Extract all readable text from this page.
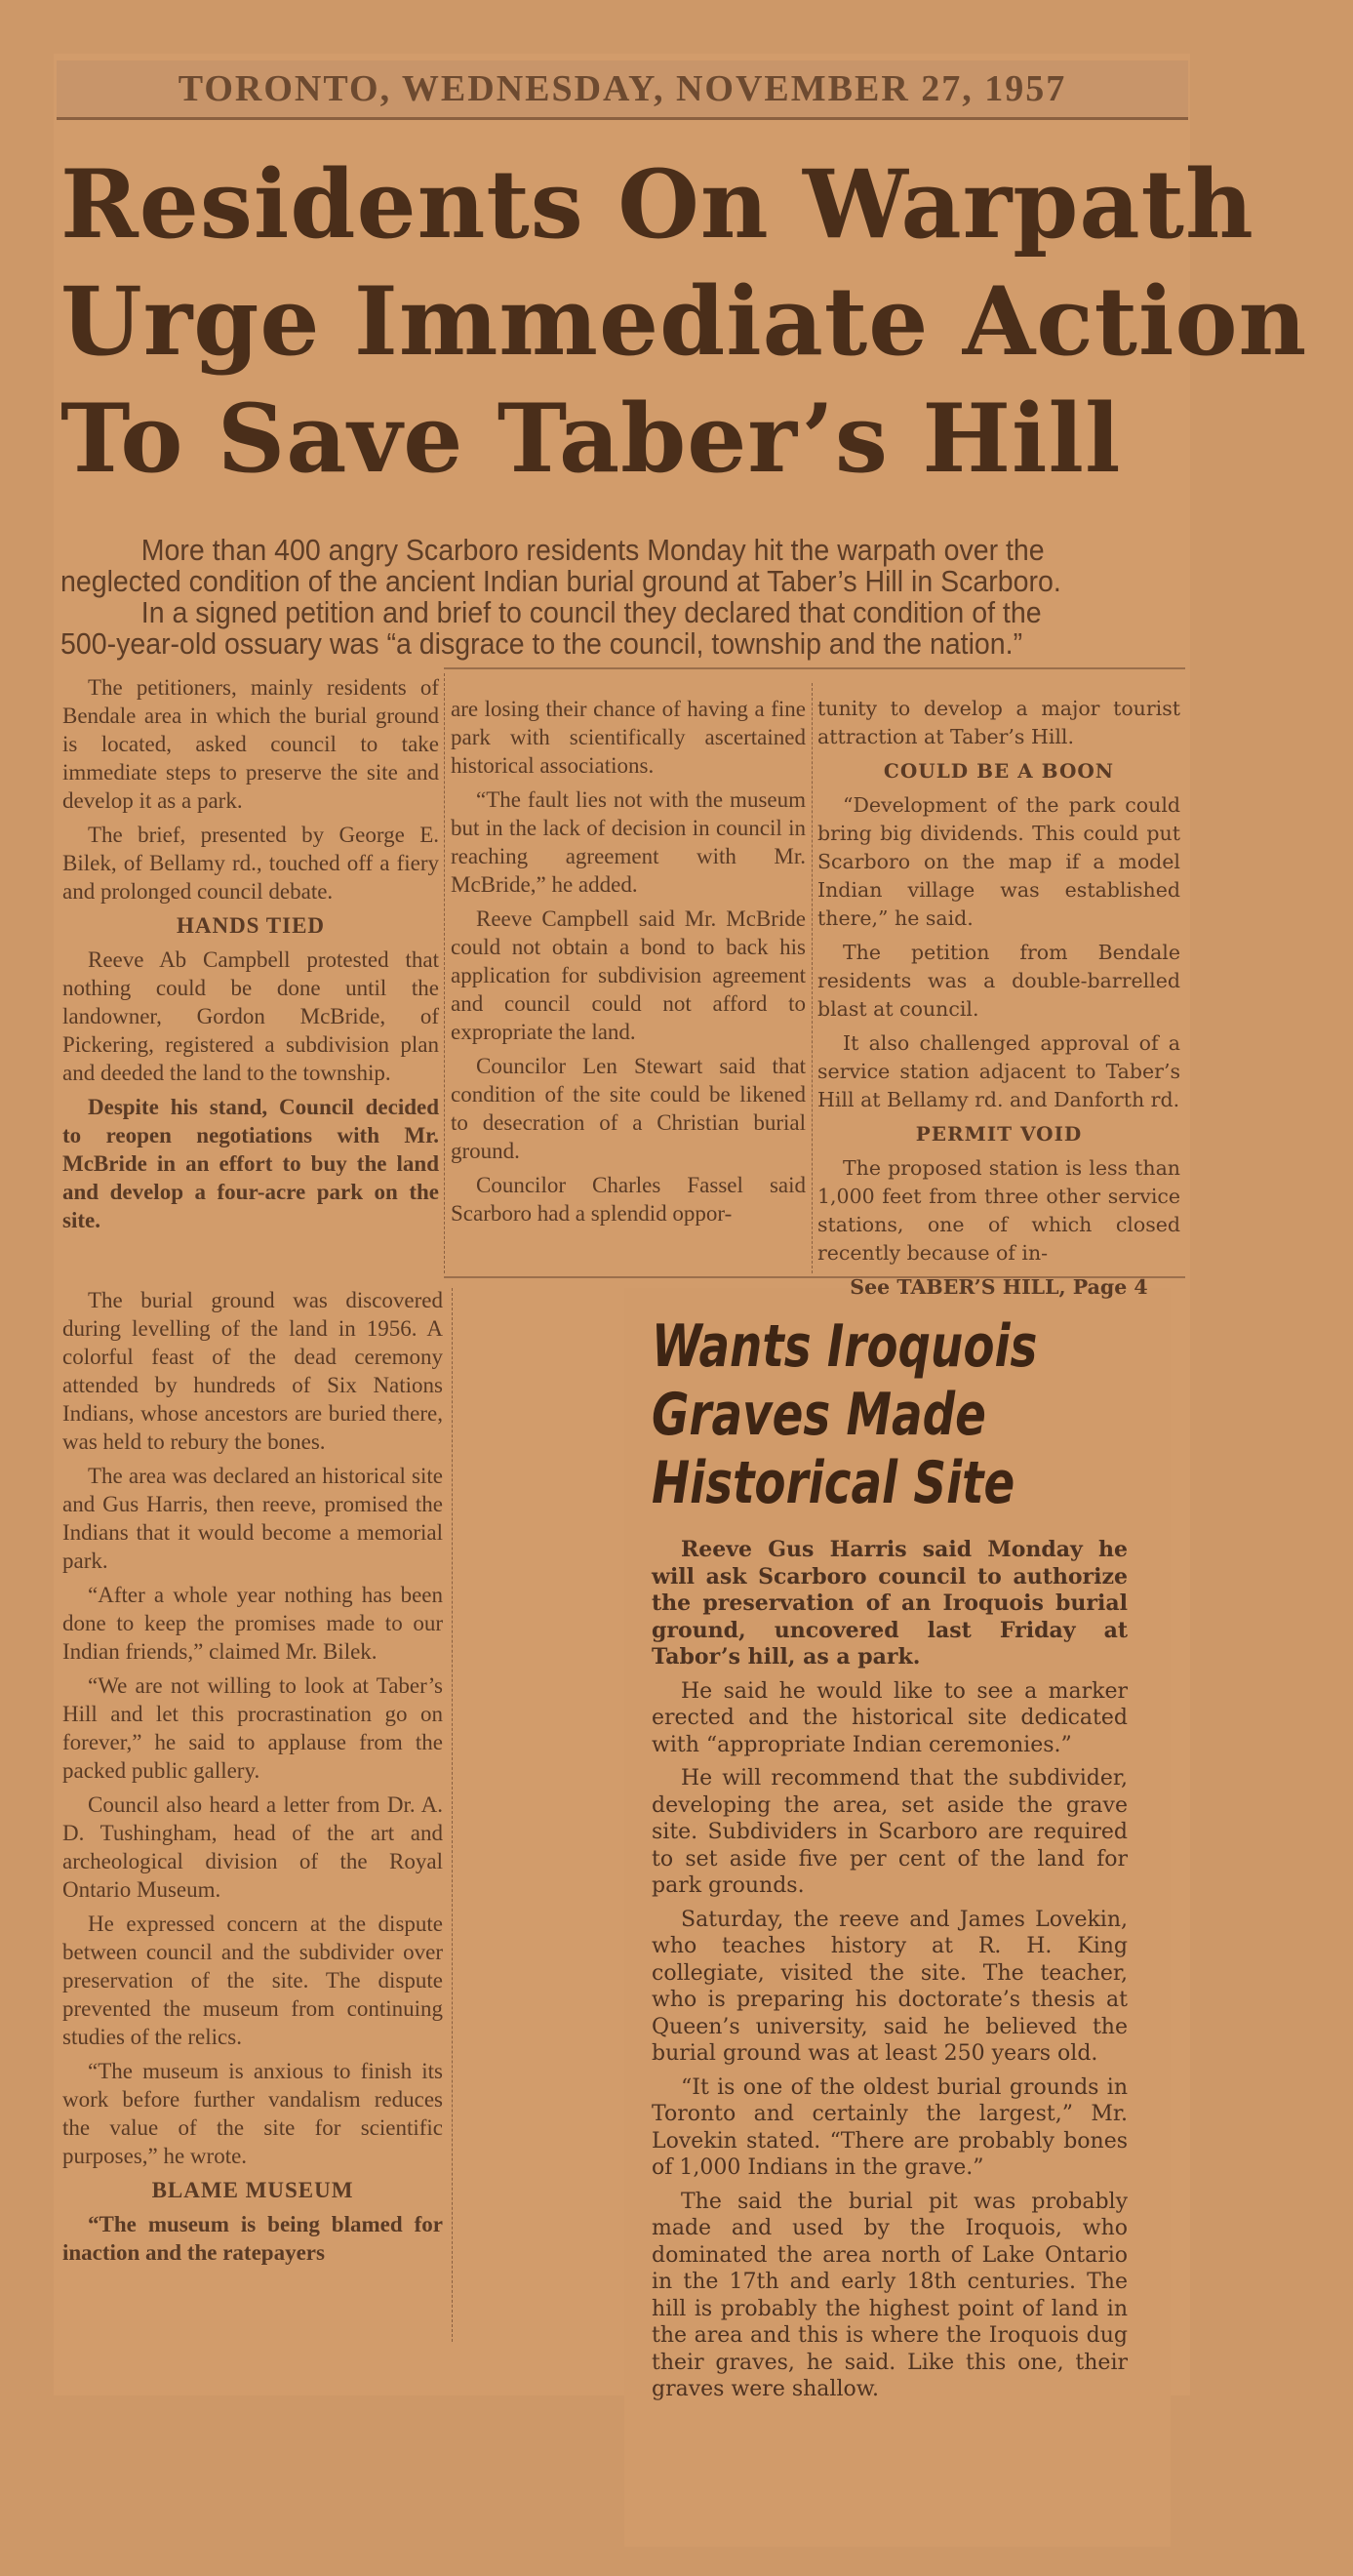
TORONTO, WEDNESDAY, NOVEMBER 27, 1957
Residents On Warpath
Urge Immediate Action
To Save Taber’s Hill

More than 400 angry Scarboro residents Monday hit the warpath over the

neglected condition of the ancient Indian burial ground at Taber’s Hill in Scarboro.

In a signed petition and brief to council they declared that condition of the

500-year-old ossuary was “a disgrace to the council, township and the nation.”

The petitioners, mainly residents of Bendale area in which the burial ground is located, asked council to take immediate steps to preserve the site and develop it as a park.

The brief, presented by George E. Bilek, of Bellamy rd., touched off a fiery and prolonged council debate.

HANDS TIED

Reeve Ab Campbell protested that nothing could be done until the landowner, Gordon McBride, of Pickering, registered a subdivision plan and deeded the land to the township.

Despite his stand, Council decided to reopen negotiations with Mr. McBride in an effort to buy the land and develop a four-acre park on the site.

The burial ground was discovered during levelling of the land in 1956. A colorful feast of the dead ceremony attended by hundreds of Six Nations Indians, whose ancestors are buried there, was held to rebury the bones.

The area was declared an historical site and Gus Harris, then reeve, promised the Indians that it would become a memorial park.

“After a whole year nothing has been done to keep the promises made to our Indian friends,” claimed Mr. Bilek.

“We are not willing to look at Taber’s Hill and let this procrastination go on forever,” he said to applause from the packed public gallery.

Council also heard a letter from Dr. A. D. Tushingham, head of the art and archeological division of the Royal Ontario Museum.

He expressed concern at the dispute between council and the subdivider over preservation of the site. The dispute prevented the museum from continuing studies of the relics.

“The museum is anxious to finish its work before further vandalism reduces the value of the site for scientific purposes,” he wrote.

BLAME MUSEUM

“The museum is being blamed for inaction and the ratepayers

are losing their chance of having a fine park with scientifically ascertained historical associations.

“The fault lies not with the museum but in the lack of decision in council in reaching agreement with Mr. McBride,” he added.

Reeve Campbell said Mr. McBride could not obtain a bond to back his application for subdivision agreement and council could not afford to expropriate the land.

Councilor Len Stewart said that condition of the site could be likened to desecration of a Christian burial ground.

Councilor Charles Fassel said Scarboro had a splendid oppor-

tunity to develop a major tourist attraction at Taber’s Hill.

COULD BE A BOON

“Development of the park could bring big dividends. This could put Scarboro on the map if a model Indian village was established there,” he said.

The petition from Bendale residents was a double-barrelled blast at council.

It also challenged approval of a service station adjacent to Taber’s Hill at Bellamy rd. and Danforth rd.

PERMIT VOID

The proposed station is less than 1,000 feet from three other service stations, one of which closed recently because of in-

See TABER’S HILL, Page 4

Wants Iroquois
Graves Made
Historical Site

Reeve Gus Harris said Monday he will ask Scarboro council to authorize the preservation of an Iroquois burial ground, uncovered last Friday at Tabor’s hill, as a park.

He said he would like to see a marker erected and the historical site dedicated with “appropriate Indian ceremonies.”

He will recommend that the subdivider, developing the area, set aside the grave site. Subdividers in Scarboro are required to set aside five per cent of the land for park grounds.

Saturday, the reeve and James Lovekin, who teaches history at R. H. King collegiate, visited the site. The teacher, who is preparing his doctorate’s thesis at Queen’s university, said he believed the burial ground was at least 250 years old.

“It is one of the oldest burial grounds in Toronto and certainly the largest,” Mr. Lovekin stated. “There are probably bones of 1,000 Indians in the grave.”

The said the burial pit was probably made and used by the Iroquois, who dominated the area north of Lake Ontario in the 17th and early 18th centuries. The hill is probably the highest point of land in the area and this is where the Iroquois dug their graves, he said. Like this one, their graves were shallow.
